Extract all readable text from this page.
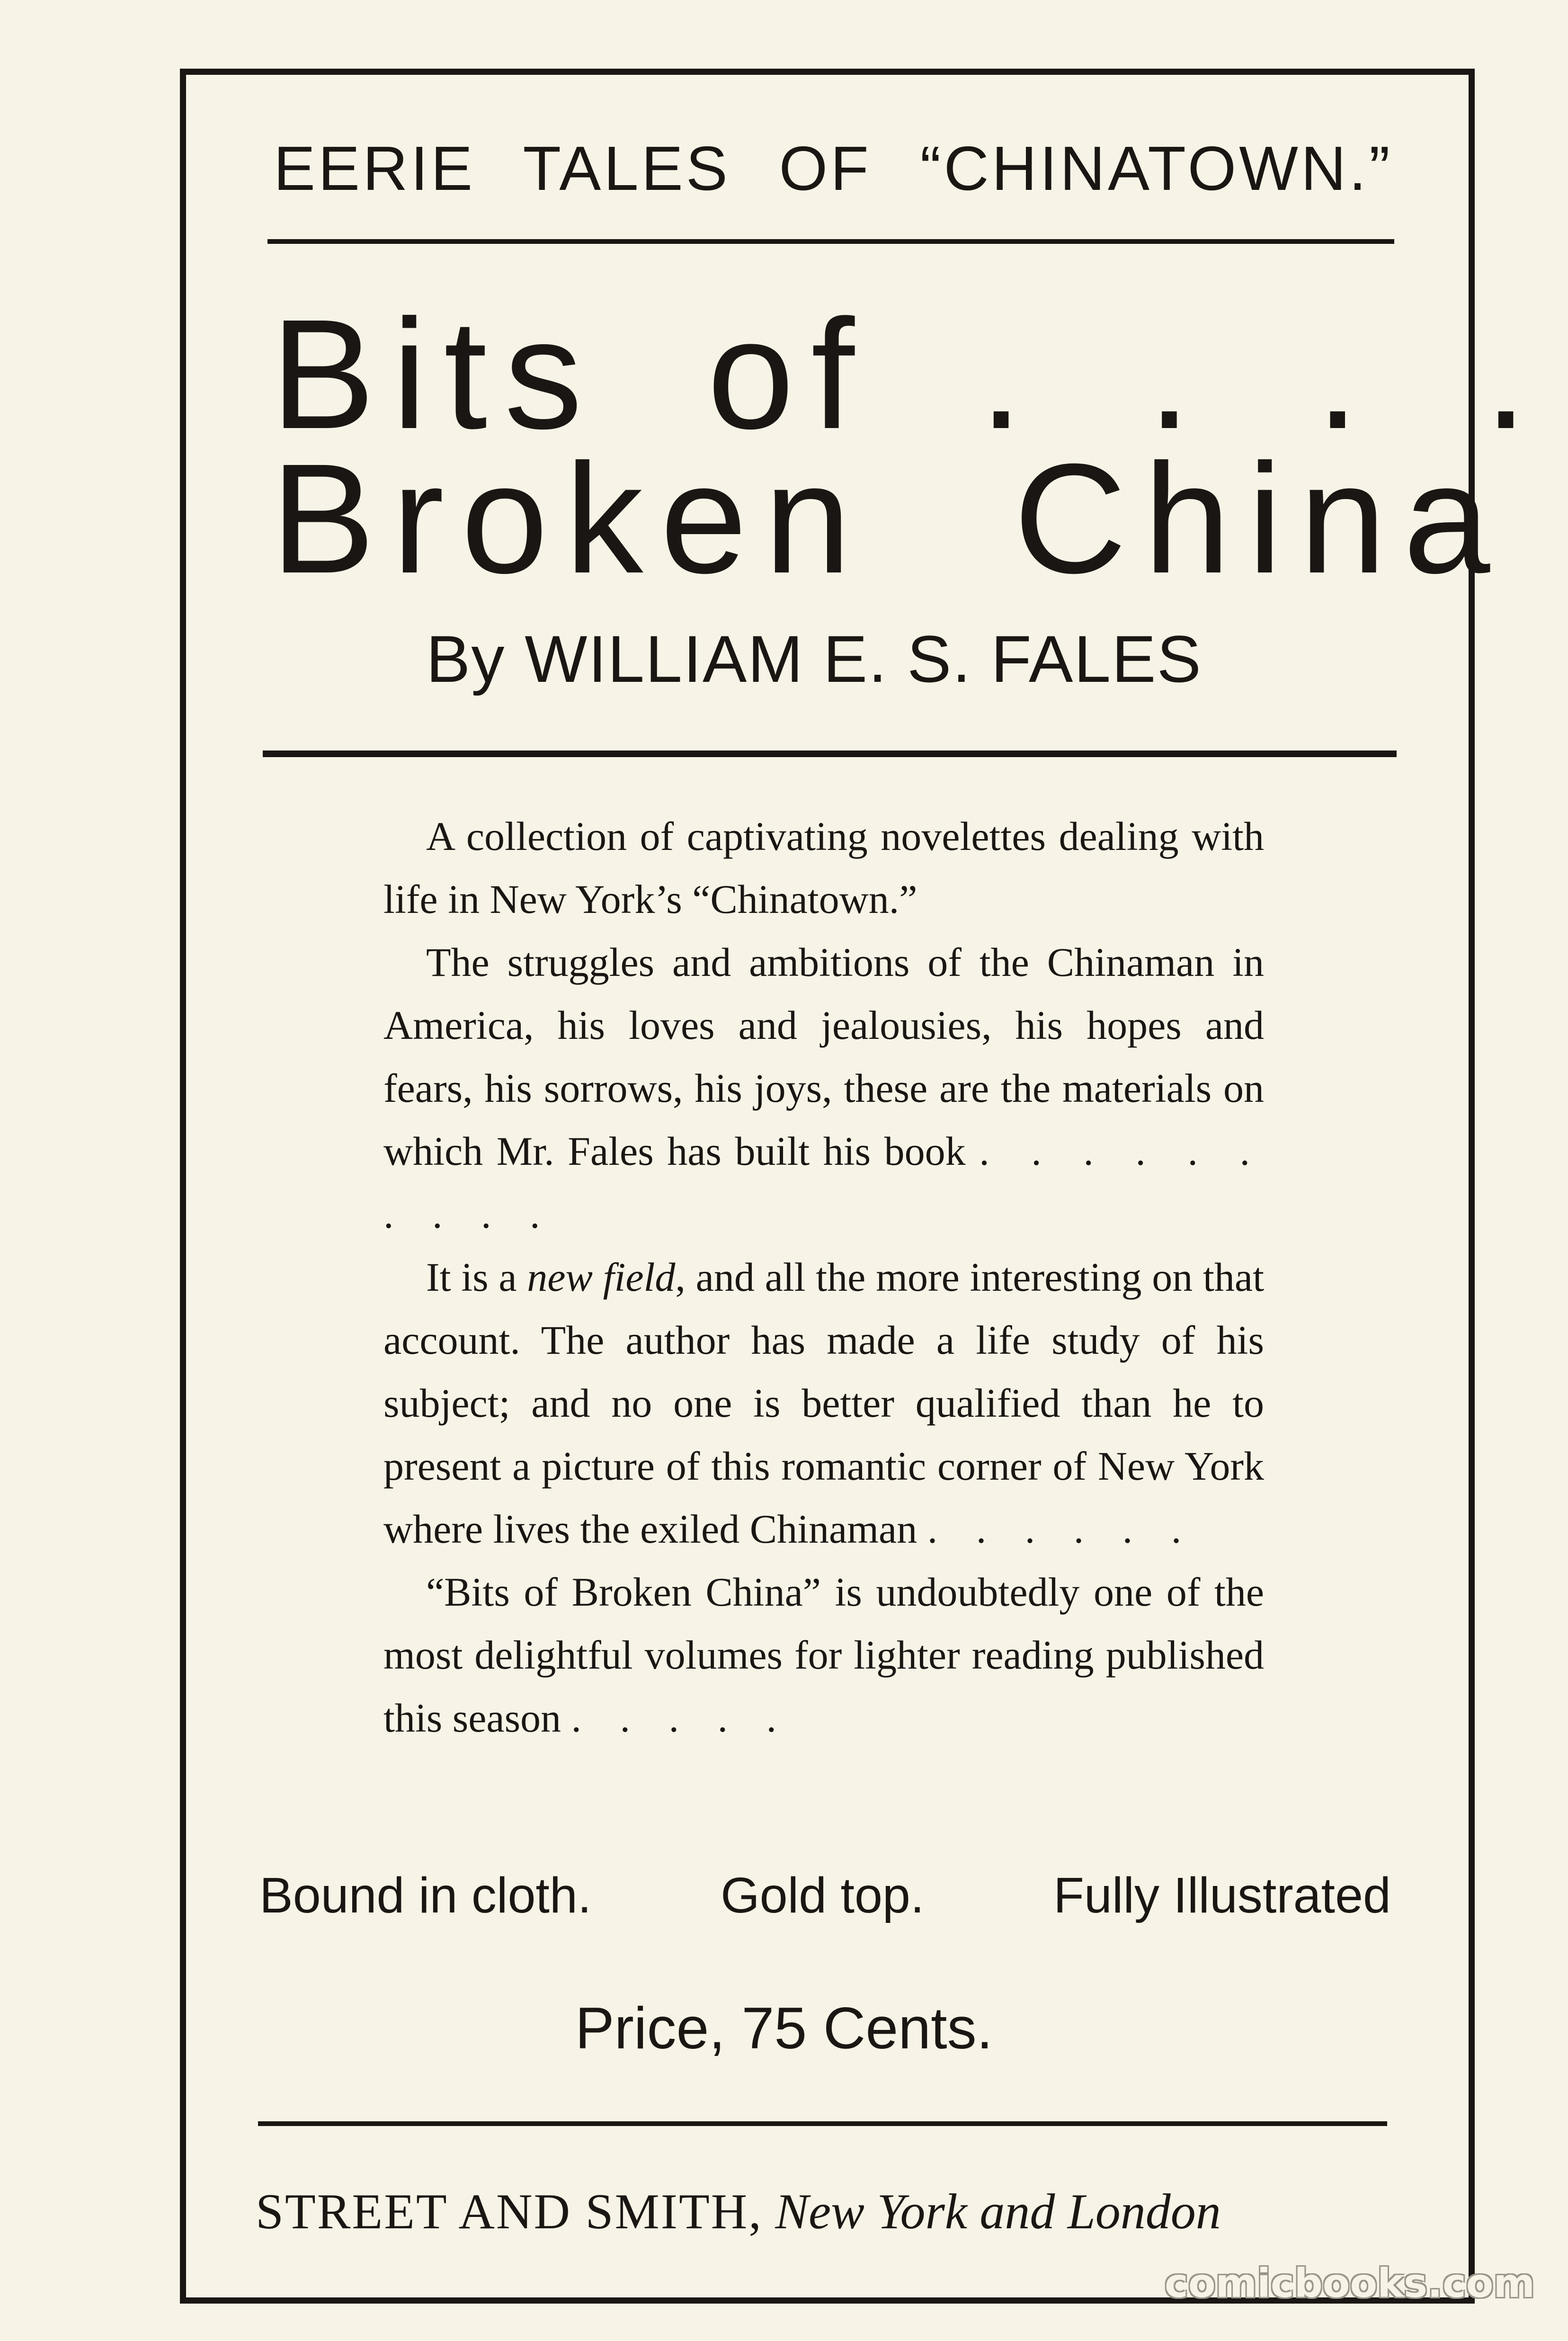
EERIE TALES OF “CHINATOWN.”
Bits of . . . .
Broken China
By WILLIAM E. S. FALES

A collection of captivating novelettes dealing with life in New York’s “Chinatown.”

The struggles and ambitions of the Chinaman in America, his loves and jealousies, his hopes and fears, his sorrows, his joys, these are the materials on which Mr. Fales has built his book . . . . . . . . . .

It is a new field, and all the more interesting on that account. The author has made a life study of his subject; and no one is better qualified than he to present a picture of this romantic corner of New York where lives the exiled Chinaman . . . . . .

“Bits of Broken China” is undoubtedly one of the most delightful volumes for lighter reading published this season . . . . .

Bound in cloth.	Gold top.	Fully Illustrated
Price, 75 Cents.
STREET AND SMITH, New York and London
comicbooks.com
